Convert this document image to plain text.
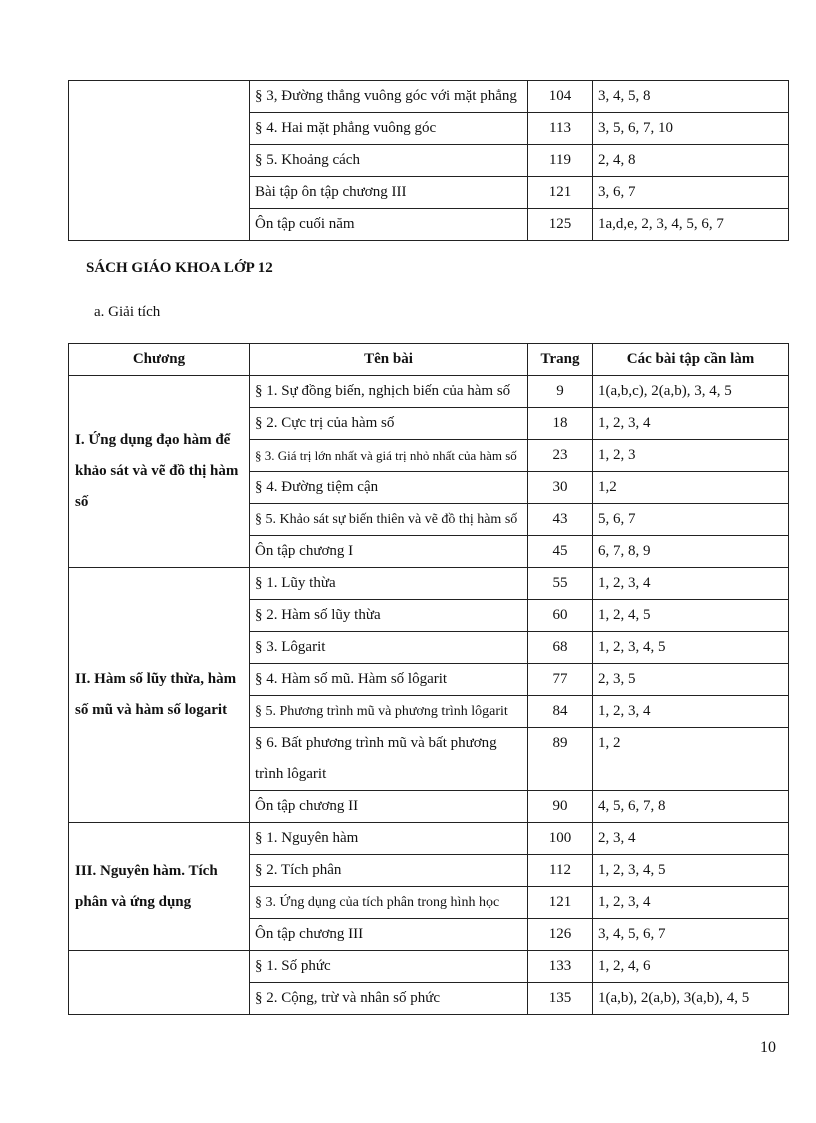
	§ 3, Đường thẳng vuông góc với mặt phẳng	104	3, 4, 5, 8
	§ 4. Hai mặt phẳng vuông góc	113	3, 5, 6, 7, 10
	§ 5. Khoảng cách	119	2, 4, 8
	Bài tập ôn tập chương III	121	3, 6, 7
	Ôn tập cuối năm	125	1a,d,e, 2, 3, 4, 5, 6, 7
SÁCH GIÁO KHOA LỚP 12
a. Giải tích
Chương	Tên bài	Trang	Các bài tập cần làm
I. Ứng dụng đạo hàm để khảo sát và vẽ đồ thị hàm số	§ 1. Sự đồng biến, nghịch biến của hàm số	9	1(a,b,c), 2(a,b), 3, 4, 5
	§ 2. Cực trị của hàm số	18	1, 2, 3, 4
	§ 3. Giá trị lớn nhất và giá trị nhỏ nhất của hàm số	23	1, 2, 3
	§ 4. Đường tiệm cận	30	1,2
	§ 5. Khảo sát sự biến thiên và vẽ đồ thị hàm số	43	5, 6, 7
	Ôn tập chương I	45	6, 7, 8, 9
II. Hàm số lũy thừa, hàm số mũ và hàm số logarit	§ 1. Lũy thừa	55	1, 2, 3, 4
	§ 2. Hàm số lũy thừa	60	1, 2, 4, 5
	§ 3. Lôgarit	68	1, 2, 3, 4, 5
	§ 4. Hàm số mũ. Hàm số lôgarit	77	2, 3, 5
	§ 5. Phương trình mũ và phương trình lôgarit	84	1, 2, 3, 4
	§ 6. Bất phương trình mũ và bất phương trình lôgarit	89	1, 2
	Ôn tập chương II	90	4, 5, 6, 7, 8
III. Nguyên hàm. Tích phân và ứng dụng	§ 1. Nguyên hàm	100	2, 3, 4
	§ 2. Tích phân	112	1, 2, 3, 4, 5
	§ 3. Ứng dụng của tích phân trong hình học	121	1, 2, 3, 4
	Ôn tập chương III	126	3, 4, 5, 6, 7
	§ 1. Số phức	133	1, 2, 4, 6
	§ 2. Cộng, trừ và nhân số phức	135	1(a,b), 2(a,b), 3(a,b), 4, 5
10
